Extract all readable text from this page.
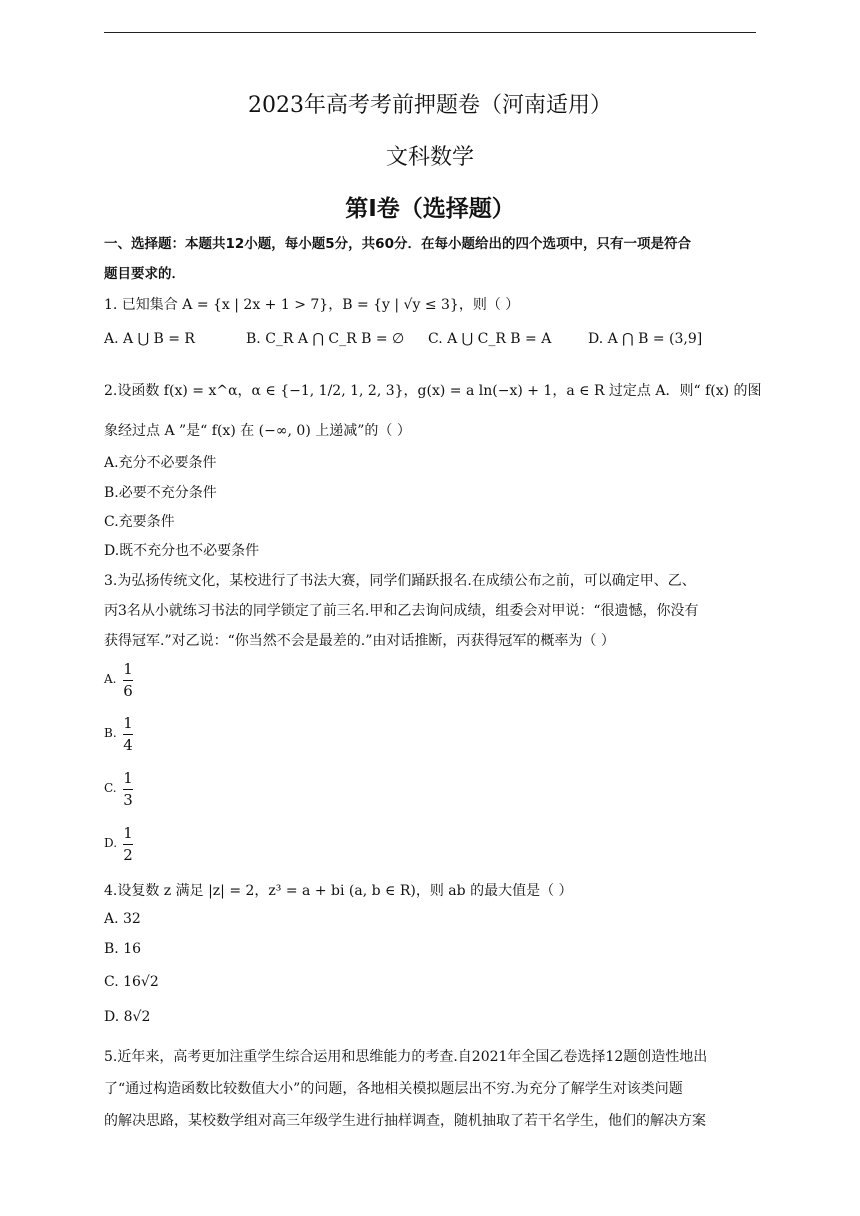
2023年高考考前押题卷（河南适用）
文科数学
第Ⅰ卷（选择题）
一、选择题：本题共12小题，每小题5分，共60分．在每小题给出的四个选项中，只有一项是符合
题目要求的．
1. 已知集合 A = {x | 2x + 1 > 7}，B = {y | √y ≤ 3}，则（ ）
A. A ⋃ B = R	B. C_R A ⋂ C_R B = ∅ C. A ⋃ C_R B = A	D. A ⋂ B = (3,9]
2.设函数 f(x) = x^α，α ∈ {−1, 1/2, 1, 2, 3}，g(x) = a ln(−x) + 1，a ∈ R 过定点 A．则“ f(x) 的图
象经过点 A ”是“ f(x) 在 (−∞, 0) 上递减”的（ ）
A.充分不必要条件
B.必要不充分条件
C.充要条件
D.既不充分也不必要条件
3.为弘扬传统文化，某校进行了书法大赛，同学们踊跃报名.在成绩公布之前，可以确定甲、乙、
丙3名从小就练习书法的同学锁定了前三名.甲和乙去询问成绩，组委会对甲说：“很遗憾，你没有
获得冠军.”对乙说：“你当然不会是最差的.”由对话推断，丙获得冠军的概率为（ ）
A.
1
6
B.
1
4
C.
1
3
D.
1
2
4.设复数 z 满足 |z| = 2，z³ = a + bi (a, b ∈ R)，则 ab 的最大值是（ ）
A. 32
B. 16
C. 16√2
D. 8√2
5.近年来，高考更加注重学生综合运用和思维能力的考查.自2021年全国乙卷选择12题创造性地出
了“通过构造函数比较数值大小”的问题，各地相关模拟题层出不穷.为充分了解学生对该类问题
的解决思路，某校数学组对高三年级学生进行抽样调查，随机抽取了若干名学生，他们的解决方案
